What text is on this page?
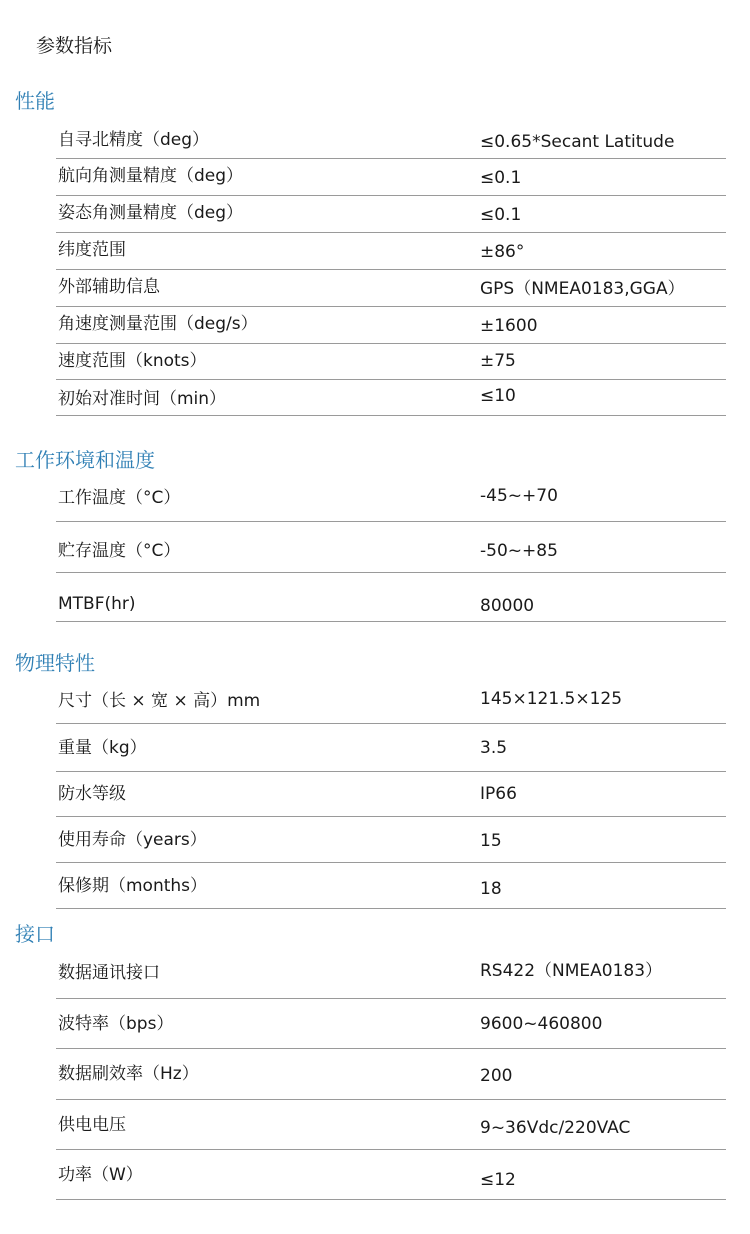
参数指标
性能
自寻北精度（deg）	≤0.65*Secant Latitude
航向角测量精度（deg）	≤0.1
姿态角测量精度（deg）	≤0.1
纬度范围	±86°
外部辅助信息	GPS（NMEA0183,GGA）
角速度测量范围（deg/s）	±1600
速度范围（knots）	±75
初始对准时间（min）	≤10
工作环境和温度
工作温度（°C）	-45~+70
贮存温度（°C）	-50~+85
MTBF(hr)	80000
物理特性
尺寸（长 × 宽 × 高）mm	145×121.5×125
重量（kg）	3.5
防水等级	IP66
使用寿命（years）	15
保修期（months）	18
接口
数据通讯接口	RS422（NMEA0183）
波特率（bps）	9600~460800
数据刷效率（Hz）	200
供电电压	9~36Vdc/220VAC
功率（W）	≤12
